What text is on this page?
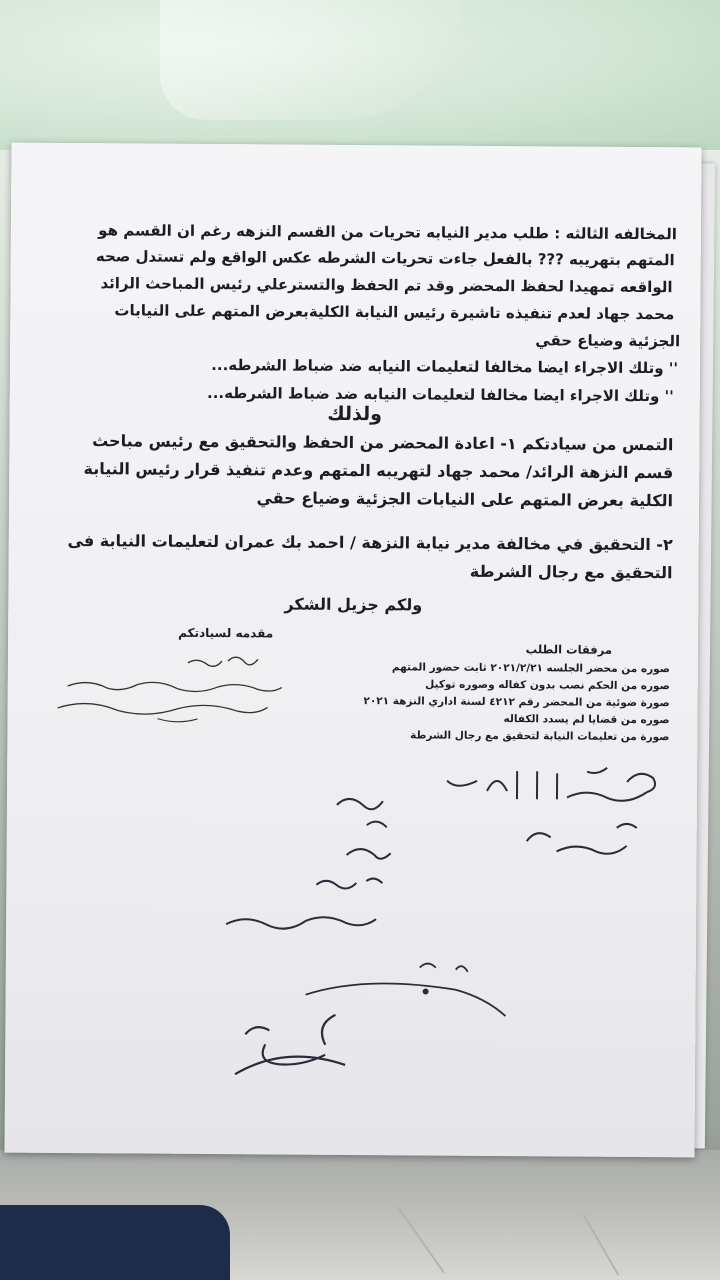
المخالفه الثالثه : طلب مدير النيابه تحريات من القسم النزهه رغم ان القسم هو
المتهم بتهريبه ??? بالفعل جاءت تحريات الشرطه عكس الواقع ولم تستدل صحه
الواقعه تمهيدا لحفظ المحضر وقد تم الحفظ والتسترعلي رئيس المباحث الرائد
محمد جهاد لعدم تنفيذه تاشيرة رئيس النيابة الكليةبعرض المتهم على النيابات
الجزئية وضياع حقي
'' وتلك الاجراء ايضا مخالفا لتعليمات النيابه ضد ضباط الشرطه...
'' وتلك الاجراء ايضا مخالفا لتعليمات النيابه ضد ضباط الشرطه...
ولذلك
التمس من سيادتكم ١- اعادة المحضر من الحفظ والتحقيق مع رئيس مباحث
قسم النزهة الرائد/ محمد جهاد لتهريبه المتهم وعدم تنفيذ قرار رئيس النيابة
الكلية بعرض المتهم على النيابات الجزئية وضياع حقي
٢- التحقيق في مخالفة مدير نيابة النزهة / احمد بك عمران لتعليمات النيابة فى
التحقيق مع رجال الشرطة
ولكم جزيل الشكر
مقدمه لسيادتكم
مرفقات الطلب
صوره من محضر الجلسه ٢٠٢١/٢/٢١ ثابت حضور المتهم
صوره من الحكم نصب بدون كفاله وصوره توكيل
صورة ضوئية من المحضر رقم ٤٢١٢ لسنة اداري النزهة ٢٠٢١
صوره من قضايا لم يسدد الكفاله
صورة من تعليمات النيابة لتحقيق مع رجال الشرطة
